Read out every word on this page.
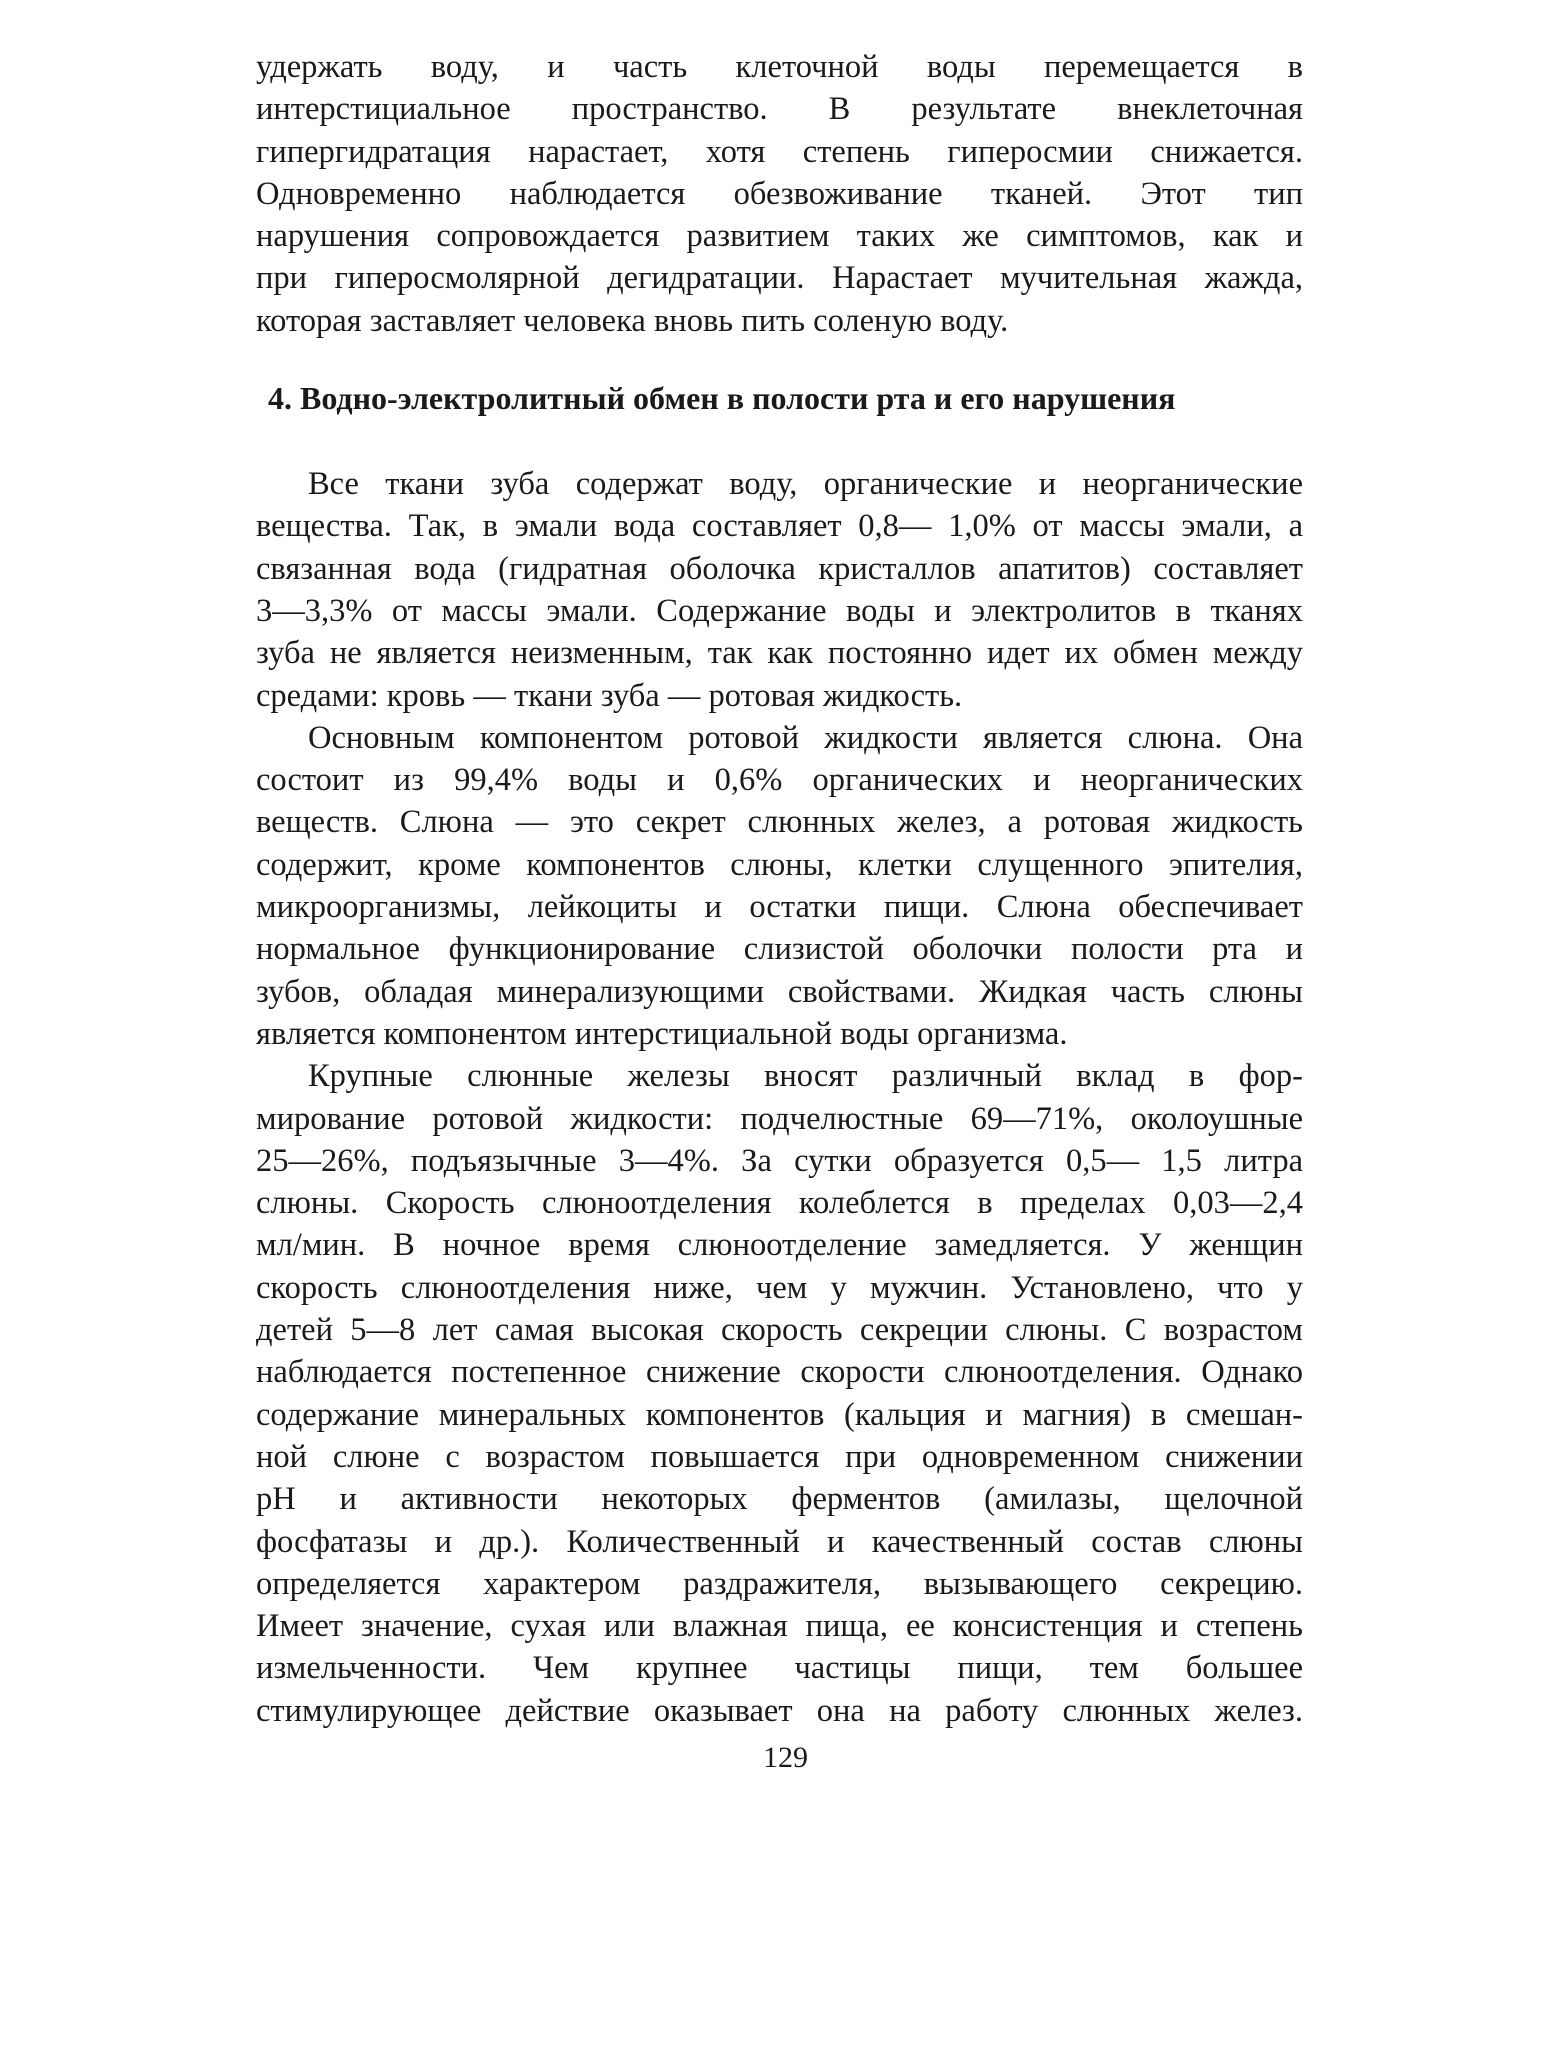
удержать воду, и часть клеточной воды перемещается в
интерстициальное пространство. В результате внеклеточная
гипергидратация нарастает, хотя степень гиперосмии снижается.
Одновременно наблюдается обезвоживание тканей. Этот тип
нарушения сопровождается развитием таких же симптомов, как и
при гиперосмолярной дегидратации. Нарастает мучительная жажда,
которая заставляет человека вновь пить соленую воду.
4. Водно-электролитный обмен в полости рта и его нарушения
Все ткани зуба содержат воду, органические и неорганические
вещества. Так, в эмали вода составляет 0,8— 1,0% от массы эмали, а
связанная вода (гидратная оболочка кристаллов апатитов) составляет
3—3,3% от массы эмали. Содержание воды и электролитов в тканях
зуба не является неизменным, так как постоянно идет их обмен между
средами: кровь — ткани зуба — ротовая жидкость.
Основным компонентом ротовой жидкости является слюна. Она
состоит из 99,4% воды и 0,6% органических и неорганических
веществ. Слюна — это секрет слюнных желез, а ротовая жидкость
содержит, кроме компонентов слюны, клетки слущенного эпителия,
микроорганизмы, лейкоциты и остатки пищи. Слюна обеспечивает
нормальное функционирование слизистой оболочки полости рта и
зубов, обладая минерализующими свойствами. Жидкая часть слюны
является компонентом интерстициальной воды организма.
Крупные слюнные железы вносят различный вклад в фор-
мирование ротовой жидкости: подчелюстные 69—71%, околоушные
25—26%, подъязычные 3—4%. За сутки образуется 0,5— 1,5 литра
слюны. Скорость слюноотделения колеблется в пределах 0,03—2,4
мл/мин. В ночное время слюноотделение замедляется. У женщин
скорость слюноотделения ниже, чем у мужчин. Установлено, что у
детей 5—8 лет самая высокая скорость секреции слюны. С возрастом
наблюдается постепенное снижение скорости слюноотделения. Однако
содержание минеральных компонентов (кальция и магния) в смешан-
ной слюне с возрастом повышается при одновременном снижении
pH и активности некоторых ферментов (амилазы, щелочной
фосфатазы и др.). Количественный и качественный состав слюны
определяется характером раздражителя, вызывающего секрецию.
Имеет значение, сухая или влажная пища, ее консистенция и степень
измельченности. Чем крупнее частицы пищи, тем большее
стимулирующее действие оказывает она на работу слюнных желез.
129
